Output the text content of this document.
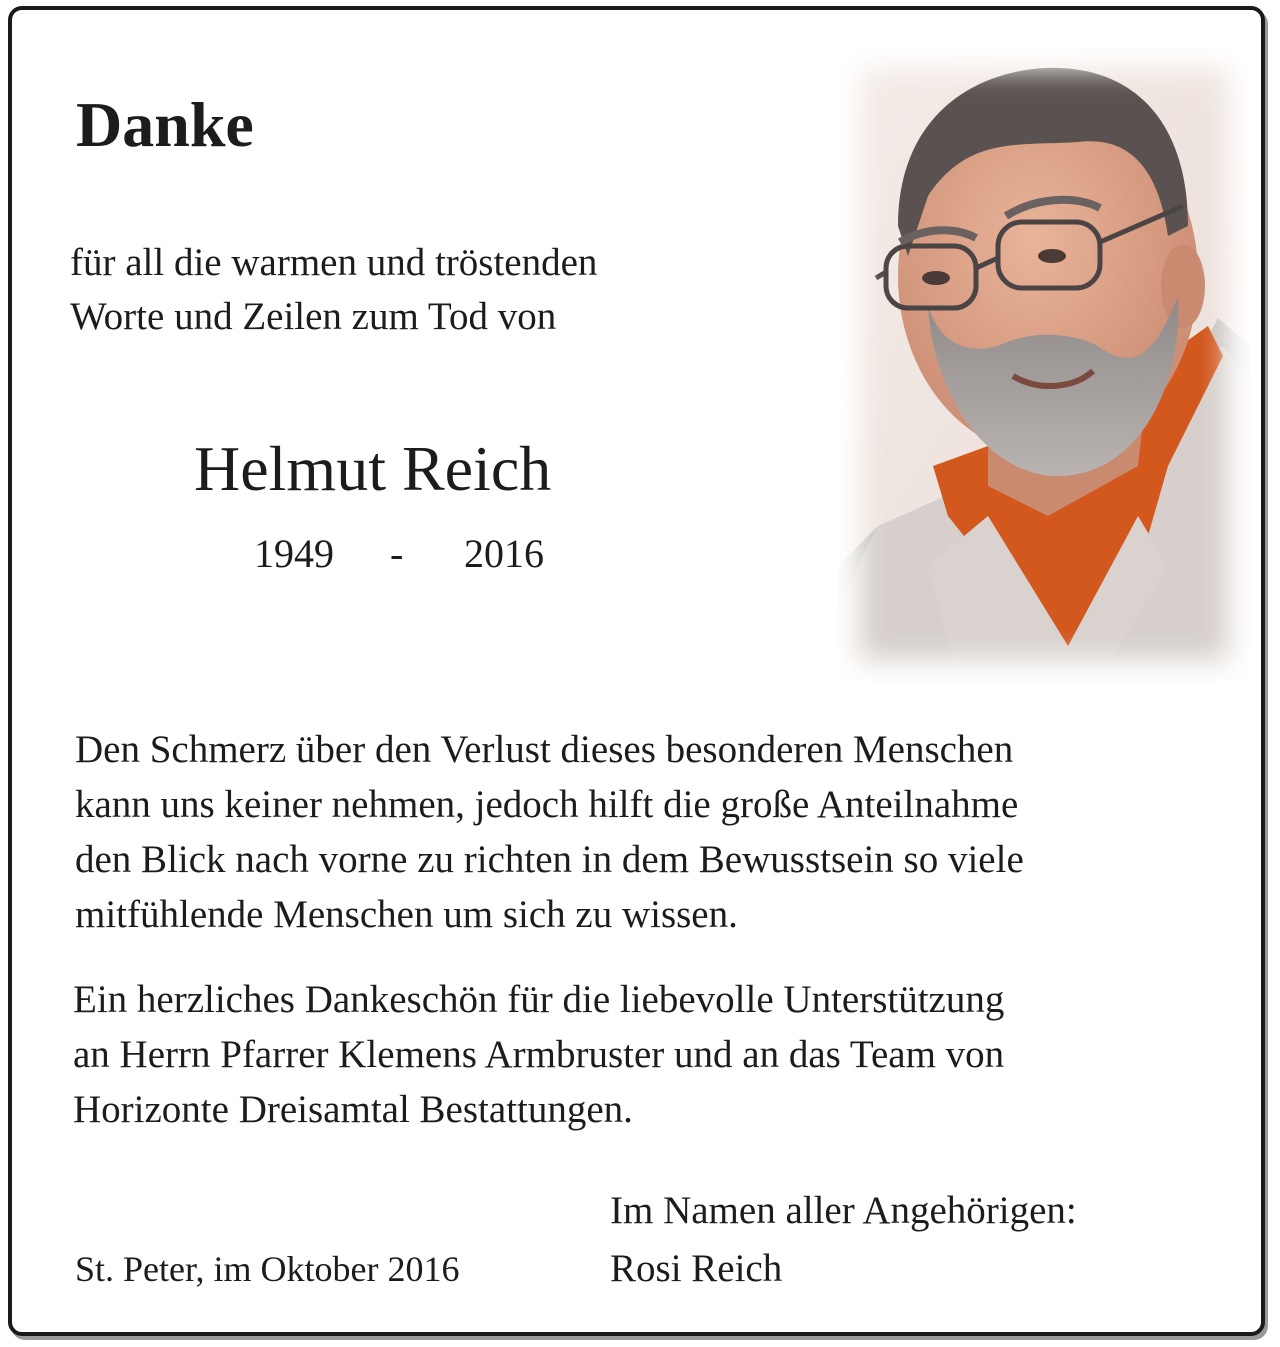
Danke
für all die warmen und tröstenden
Worte und Zeilen zum Tod von
Helmut Reich
1949 - 2016
Den Schmerz über den Verlust dieses besonderen Menschen
kann uns keiner nehmen, jedoch hilft die große Anteilnahme
den Blick nach vorne zu richten in dem Bewusstsein so viele
mitfühlende Menschen um sich zu wissen.
Ein herzliches Dankeschön für die liebevolle Unterstützung
an Herrn Pfarrer Klemens Armbruster und an das Team von
Horizonte Dreisamtal Bestattungen.
St. Peter, im Oktober 2016
Im Namen aller Angehörigen:
Rosi Reich
